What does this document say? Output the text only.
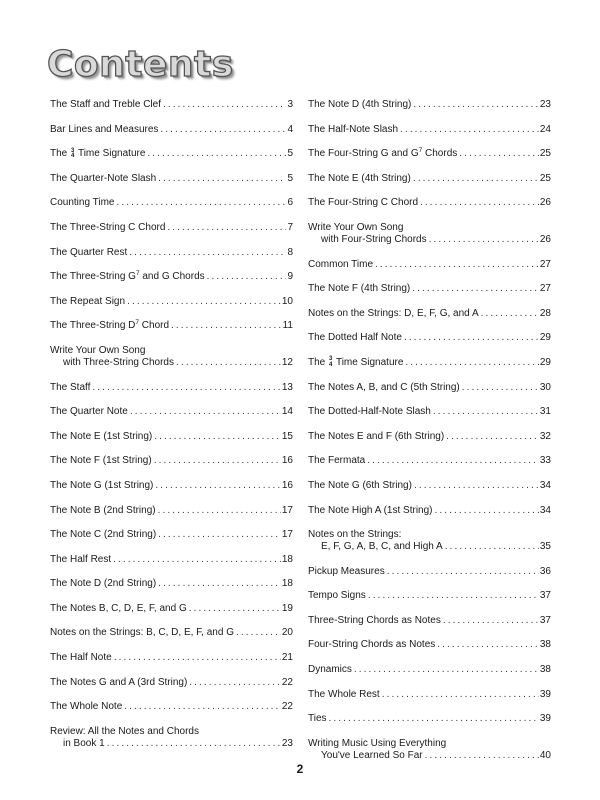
Contents
The Staff and Treble Clef .....	3
Bar Lines and Measures .....	4
The 3
4 Time Signature .....	5
The Quarter-Note Slash .....	5
Counting Time .....	6
The Three-String C Chord .....	7
The Quarter Rest .....	8
The Three-String $G^7$ and G Chords .....	9
The Repeat Sign .....	10
The Three-String $D^7$ Chord .....	11
Write Your Own Song
with Three-String Chords .....	12
The Staff .....	13
The Quarter Note .....	14
The Note E (1st String) .....	15
The Note F (1st String) .....	16
The Note G (1st String) .....	16
The Note B (2nd String) .....	17
The Note C (2nd String) .....	17
The Half Rest .....	18
The Note D (2nd String) .....	18
The Notes B, C, D, E, F, and G .....	19
Notes on the Strings: B, C, D, E, F, and G .....	20
The Half Note .....	21
The Notes G and A (3rd String) .....	22
The Whole Note .....	22
Review: All the Notes and Chords
in Book 1 .....	23
The Note D (4th String) .....	23
The Half-Note Slash .....	24
The Four-String G and $G^7$ Chords .....	25
The Note E (4th String) .....	25
The Four-String C Chord .....	26
Write Your Own Song
with Four-String Chords .....	26
Common Time .....	27
The Note F (4th String) .....	27
Notes on the Strings: D, E, F, G, and A .....	28
The Dotted Half Note .....	29
The 3
4 Time Signature .....	29
The Notes A, B, and C (5th String) .....	30
The Dotted-Half-Note Slash .....	31
The Notes E and F (6th String) .....	32
The Fermata .....	33
The Note G (6th String) .....	34
The Note High A (1st String) .....	34
Notes on the Strings:
E, F, G, A, B, C, and High A .....	35
Pickup Measures .....	36
Tempo Signs .....	37
Three-String Chords as Notes .....	37
Four-String Chords as Notes .....	38
Dynamics .....	38
The Whole Rest .....	39
Ties .....	39
Writing Music Using Everything
You've Learned So Far .....	40
2
